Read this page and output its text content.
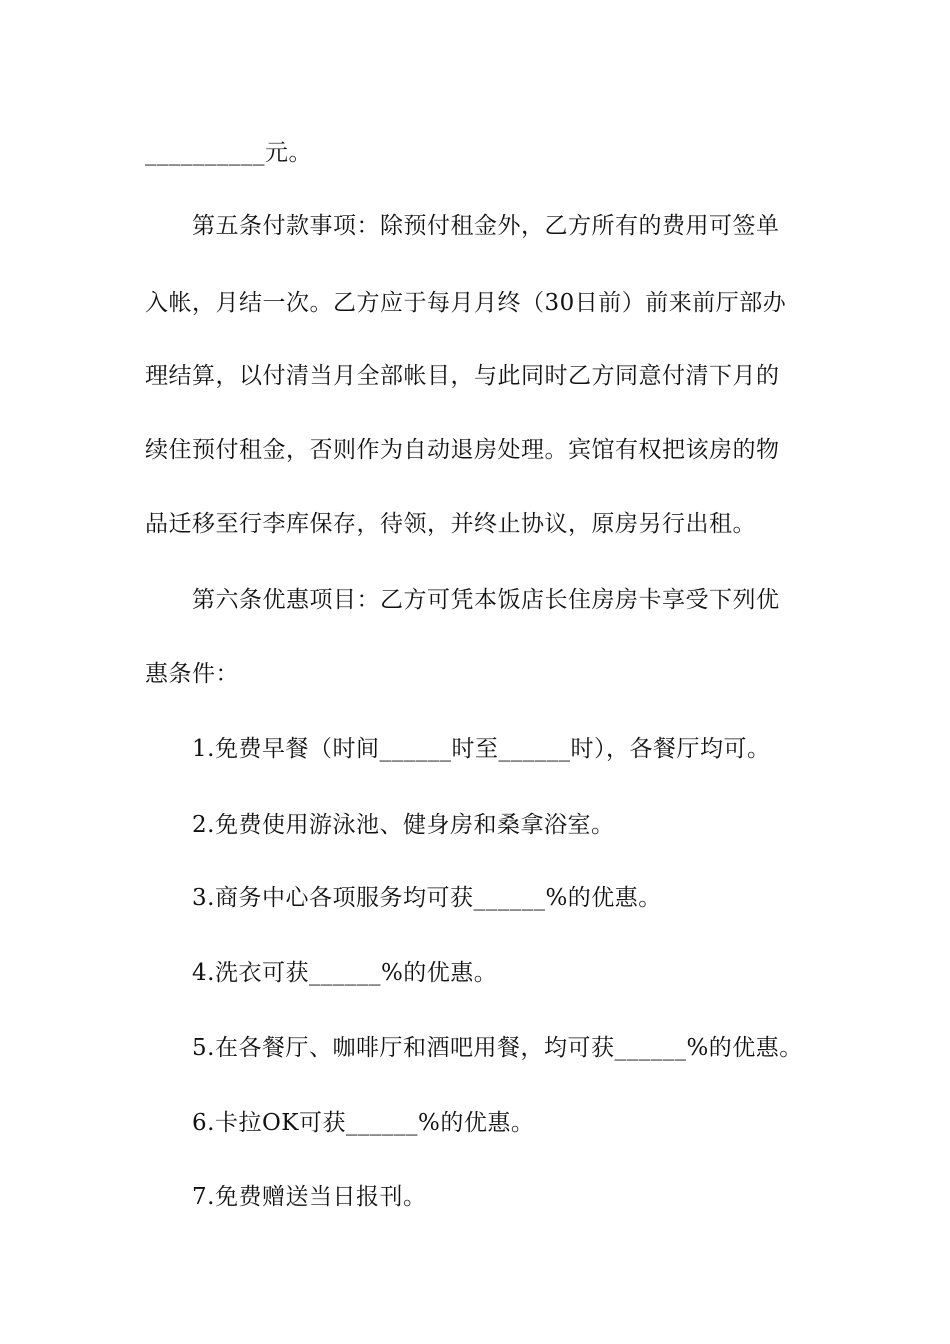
__________元。
第五条付款事项：除预付租金外，乙方所有的费用可签单
入帐，月结一次。乙方应于每月月终（30日前）前来前厅部办
理结算，以付清当月全部帐目，与此同时乙方同意付清下月的
续住预付租金，否则作为自动退房处理。宾馆有权把该房的物
品迁移至行李库保存，待领，并终止协议，原房另行出租。
第六条优惠项目：乙方可凭本饭店长住房房卡享受下列优
惠条件：
1.免费早餐（时间______时至______时），各餐厅均可。
2.免费使用游泳池、健身房和桑拿浴室。
3.商务中心各项服务均可获______%的优惠。
4.洗衣可获______%的优惠。
5.在各餐厅、咖啡厅和酒吧用餐，均可获______%的优惠。
6.卡拉OK可获______%的优惠。
7.免费赠送当日报刊。
